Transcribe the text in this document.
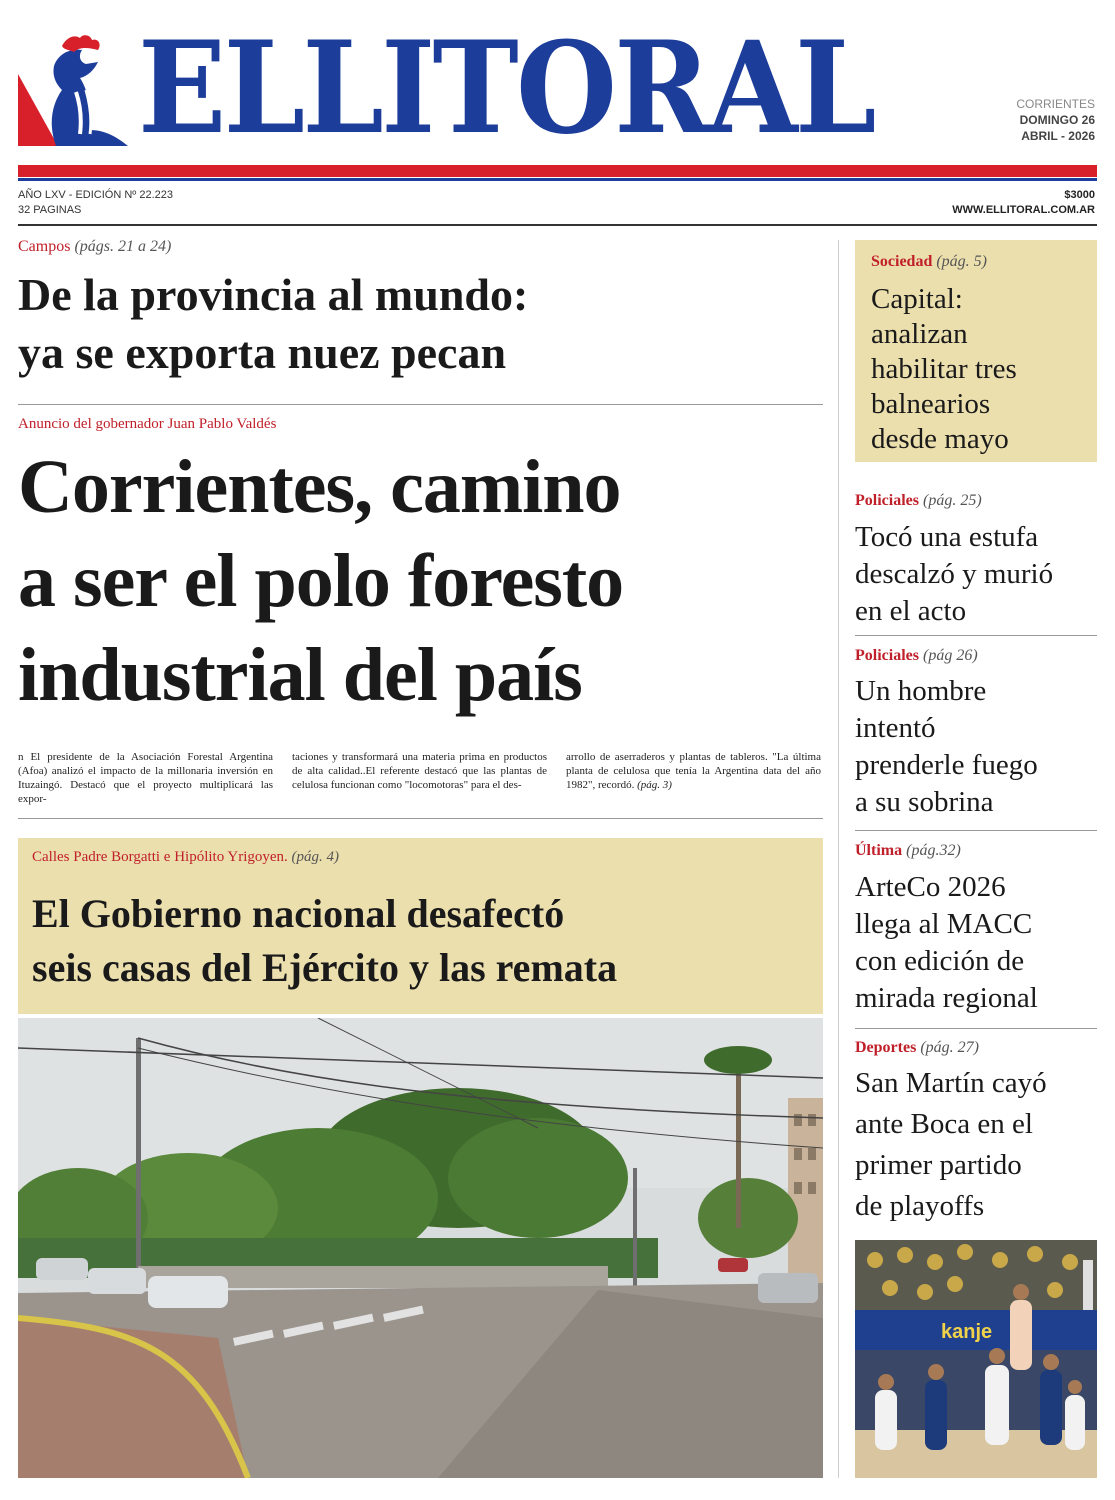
ELLITORAL	CORRIENTES
DOMINGO 26
ABRIL - 2026
AÑO LXV - EDICIÓN Nº 22.223
32 PAGINAS
$3000
WWW.ELLITORAL.COM.AR
Campos (págs. 21 a 24)
De la provincia al mundo:
ya se exporta nuez pecan
Anuncio del gobernador Juan Pablo Valdés
Corrientes, camino
a ser el polo foresto
industrial del país
n El presidente de la Asociación Forestal Argentina (Afoa) analizó el impacto de la millonaria inversión en Ituzaingó. Destacó que el proyecto multiplicará las expor-
taciones y transformará una materia prima en productos de alta calidad..El referente destacó que las plantas de celulosa funcionan como "locomotoras" para el des-
arrollo de aserraderos y plantas de tableros. "La última planta de celulosa que tenía la Argentina data del año 1982", recordó. (pág. 3)
Calles Padre Borgatti e Hipólito Yrigoyen. (pág. 4)
El Gobierno nacional desafectó
seis casas del Ejército y las remata
Sociedad (pág. 5)
Capital:
analizan
habilitar tres
balnearios
desde mayo
Policiales (pág. 25)
Tocó una estufa
descalzó y murió
en el acto
Policiales (pág 26)
Un hombre
intentó
prenderle fuego
a su sobrina
Última (pág.32)
ArteCo 2026
llega al MACC
con edición de
mirada regional
Deportes (pág. 27)
San Martín cayó
ante Boca en el
primer partido
de playoffs
kanje
